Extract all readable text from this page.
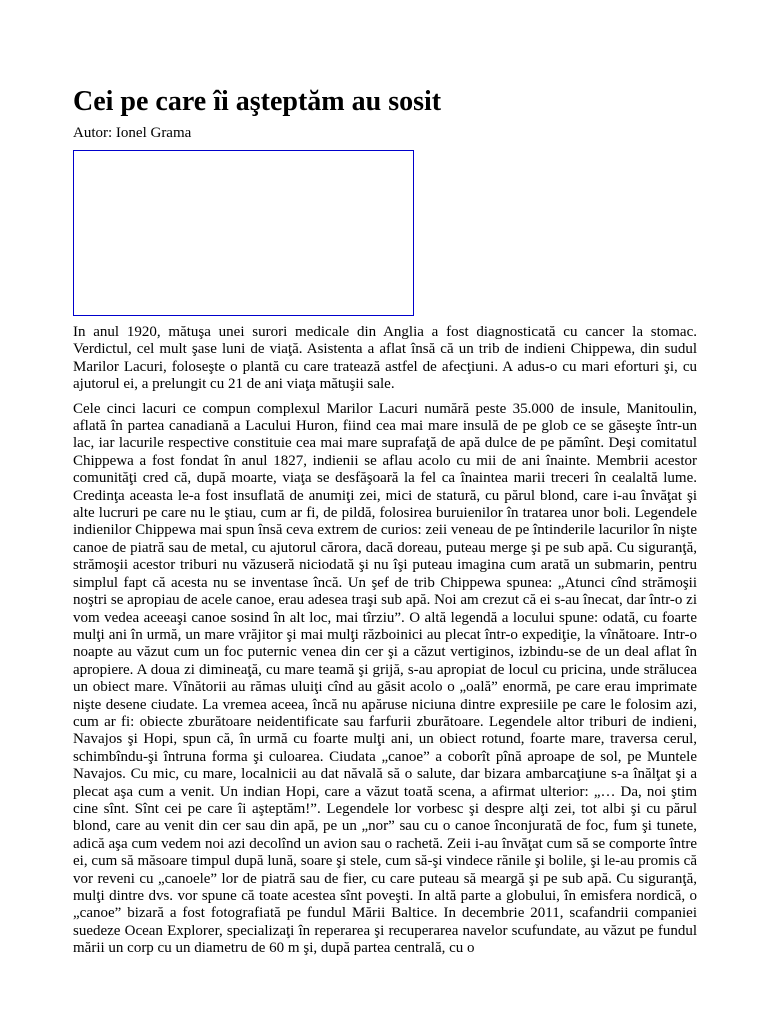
Cei pe care îi aşteptăm au sosit

Autor: Ionel Grama

In anul 1920, mătuşa unei surori medicale din Anglia a fost diagnosticată cu cancer la stomac. Verdictul, cel mult şase luni de viaţă. Asistenta a aflat însă că un trib de indieni Chippewa, din sudul Marilor Lacuri, foloseşte o plantă cu care tratează astfel de afecţiuni. A adus-o cu mari eforturi şi, cu ajutorul ei, a prelungit cu 21 de ani viaţa mătuşii sale.

Cele cinci lacuri ce compun complexul Marilor Lacuri numără peste 35.000 de insule, Manitoulin, aflată în partea canadiană a Lacului Huron, fiind cea mai mare insulă de pe glob ce se găseşte într-un lac, iar lacurile respective constituie cea mai mare suprafaţă de apă dulce de pe pămînt. Deşi comitatul Chippewa a fost fondat în anul 1827, indienii se aflau acolo cu mii de ani înainte. Membrii acestor comunităţi cred că, după moarte, viaţa se desfăşoară la fel ca înaintea marii treceri în cealaltă lume. Credinţa aceasta le-a fost insuflată de anumiţi zei, mici de statură, cu părul blond, care i-au învăţat şi alte lucruri pe care nu le ştiau, cum ar fi, de pildă, folosirea buruienilor în tratarea unor boli. Legendele indienilor Chippewa mai spun însă ceva extrem de curios: zeii veneau de pe întinderile lacurilor în nişte canoe de piatră sau de metal, cu ajutorul cărora, dacă doreau, puteau merge şi pe sub apă. Cu siguranţă, strămoşii acestor triburi nu văzuseră niciodată şi nu îşi puteau imagina cum arată un submarin, pentru simplul fapt că acesta nu se inventase încă. Un şef de trib Chippewa spunea: „Atunci cînd strămoşii noştri se apropiau de acele canoe, erau adesea traşi sub apă. Noi am crezut că ei s-au înecat, dar într-o zi vom vedea aceeaşi canoe sosind în alt loc, mai tîrziu”. O altă legendă a locului spune: odată, cu foarte mulţi ani în urmă, un mare vrăjitor şi mai mulţi războinici au plecat într-o expediţie, la vînătoare. Intr-o noapte au văzut cum un foc puternic venea din cer şi a căzut vertiginos, izbindu-se de un deal aflat în apropiere. A doua zi dimineaţă, cu mare teamă şi grijă, s-au apropiat de locul cu pricina, unde strălucea un obiect mare. Vînătorii au rămas uluiţi cînd au găsit acolo o „oală” enormă, pe care erau imprimate nişte desene ciudate. La vremea aceea, încă nu apăruse niciuna dintre expresiile pe care le folosim azi, cum ar fi: obiecte zburătoare neidentificate sau farfurii zburătoare. Legendele altor triburi de indieni, Navajos şi Hopi, spun că, în urmă cu foarte mulţi ani, un obiect rotund, foarte mare, traversa cerul, schimbîndu-şi întruna forma şi culoarea. Ciudata „canoe” a coborît pînă aproape de sol, pe Muntele Navajos. Cu mic, cu mare, localnicii au dat năvală să o salute, dar bizara ambarcaţiune s-a înălţat şi a plecat aşa cum a venit. Un indian Hopi, care a văzut toată scena, a afirmat ulterior: „… Da, noi ştim cine sînt. Sînt cei pe care îi aşteptăm!”. Legendele lor vorbesc şi despre alţi zei, tot albi şi cu părul blond, care au venit din cer sau din apă, pe un „nor” sau cu o canoe înconjurată de foc, fum şi tunete, adică aşa cum vedem noi azi decolînd un avion sau o rachetă. Zeii i-au învăţat cum să se comporte între ei, cum să măsoare timpul după lună, soare şi stele, cum să-şi vindece rănile şi bolile, şi le-au promis că vor reveni cu „canoele” lor de piatră sau de fier, cu care puteau să meargă şi pe sub apă. Cu siguranţă, mulţi dintre dvs. vor spune că toate acestea sînt poveşti. In altă parte a globului, în emisfera nordică, o „canoe” bizară a fost fotografiată pe fundul Mării Baltice. In decembrie 2011, scafandrii companiei suedeze Ocean Explorer, specializaţi în reperarea şi recuperarea navelor scufundate, au văzut pe fundul mării un corp cu un diametru de 60 m şi, după partea centrală, cu o
